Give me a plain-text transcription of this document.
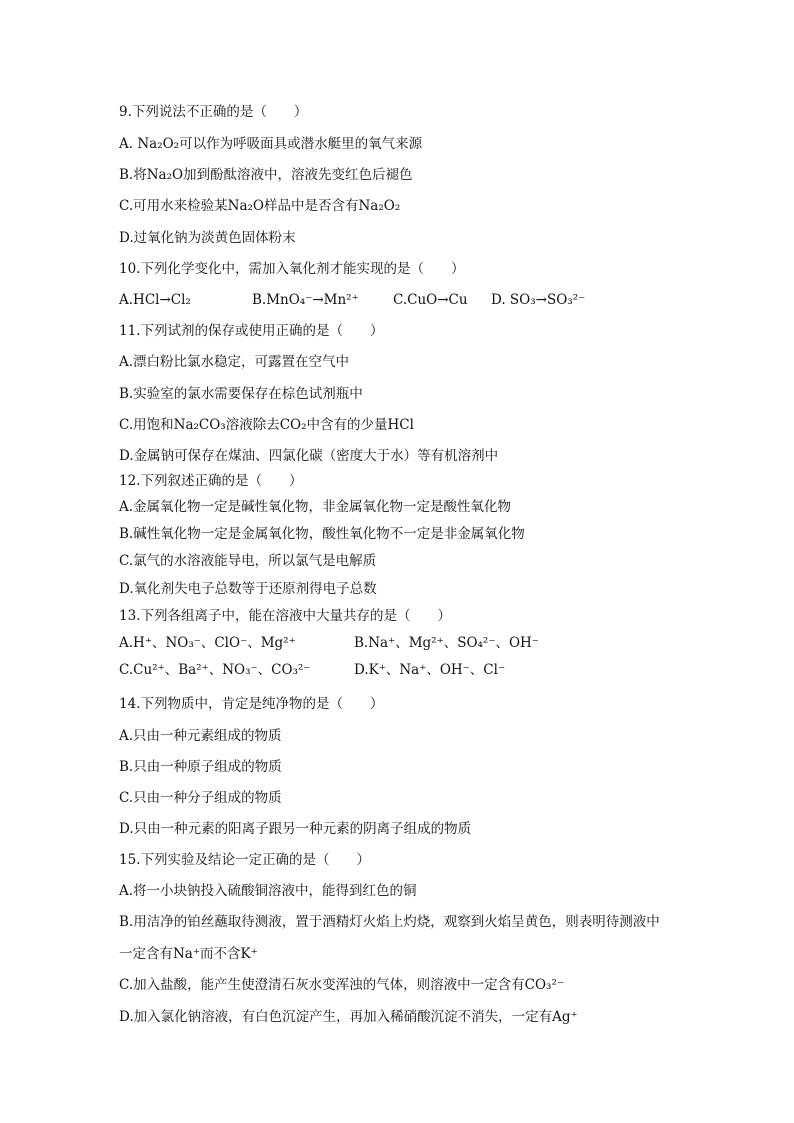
9.下列说法不正确的是（　　）
A. Na₂O₂可以作为呼吸面具或潜水艇里的氧气来源
B.将Na₂O加到酚酞溶液中，溶液先变红色后褪色
C.可用水来检验某Na₂O样品中是否含有Na₂O₂
D.过氧化钠为淡黄色固体粉末
10.下列化学变化中，需加入氧化剂才能实现的是（　　）
A.HCl→Cl₂	B.MnO₄⁻→Mn²⁺	C.CuO→Cu D. SO₃→SO₃²⁻
11.下列试剂的保存或使用正确的是（　　）
A.漂白粉比氯水稳定，可露置在空气中
B.实验室的氯水需要保存在棕色试剂瓶中
C.用饱和Na₂CO₃溶液除去CO₂中含有的少量HCl
D.金属钠可保存在煤油、四氯化碳（密度大于水）等有机溶剂中
12.下列叙述正确的是（　　）
A.金属氧化物一定是碱性氧化物，非金属氧化物一定是酸性氧化物
B.碱性氧化物一定是金属氧化物，酸性氧化物不一定是非金属氧化物
C.氯气的水溶液能导电，所以氯气是电解质
D.氧化剂失电子总数等于还原剂得电子总数
13.下列各组离子中，能在溶液中大量共存的是（　　）
A.H⁺、NO₃⁻、ClO⁻、Mg²⁺	B.Na⁺、Mg²⁺、SO₄²⁻、OH⁻
C.Cu²⁺、Ba²⁺、NO₃⁻、CO₃²⁻	D.K⁺、Na⁺、OH⁻、Cl⁻
14.下列物质中，肯定是纯净物的是（　　）
A.只由一种元素组成的物质
B.只由一种原子组成的物质
C.只由一种分子组成的物质
D.只由一种元素的阳离子跟另一种元素的阴离子组成的物质
15.下列实验及结论一定正确的是（　　）
A.将一小块钠投入硫酸铜溶液中，能得到红色的铜
B.用洁净的铂丝蘸取待测液，置于酒精灯火焰上灼烧，观察到火焰呈黄色，则表明待测液中
一定含有Na⁺而不含K⁺
C.加入盐酸，能产生使澄清石灰水变浑浊的气体，则溶液中一定含有CO₃²⁻
D.加入氯化钠溶液，有白色沉淀产生，再加入稀硝酸沉淀不消失，一定有Ag⁺
